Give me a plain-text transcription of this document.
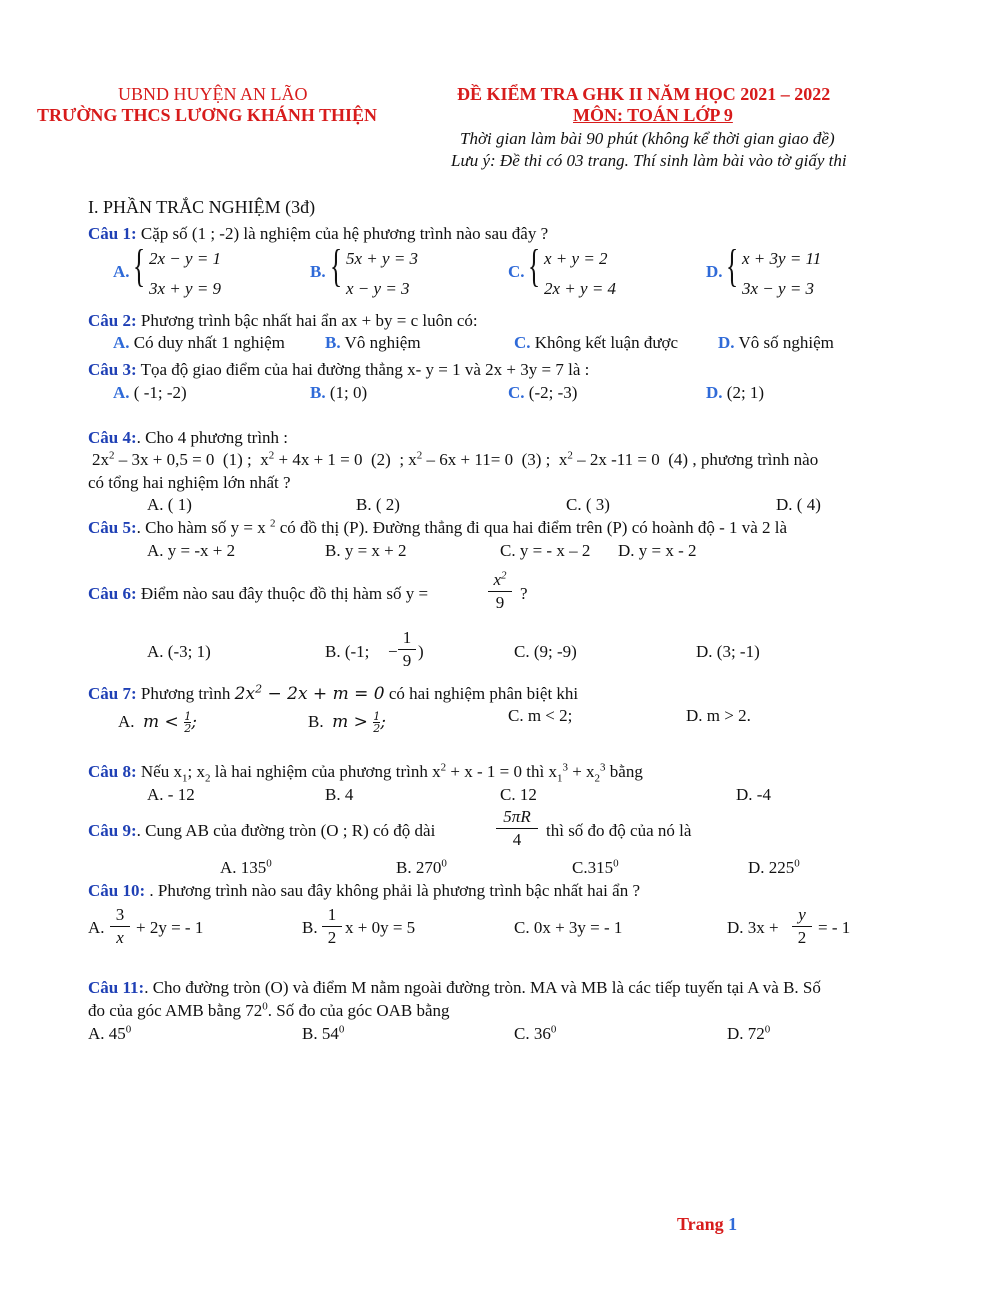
UBND HUYỆN AN LÃO
TRƯỜNG THCS LƯƠNG KHÁNH THIỆN
ĐỀ KIỂM TRA GHK II NĂM HỌC 2021 – 2022
MÔN: TOÁN LỚP 9
Thời gian làm bài 90 phút (không kể thời gian giao đề)
Lưu ý: Đề thi có 03 trang. Thí sinh làm bài vào tờ giấy thi
I. PHẦN TRẮC NGHIỆM (3đ)
Câu 1: Cặp số (1 ; -2) là nghiệm của hệ phương trình nào sau đây ?
A. { 2x − y = 1
3x + y = 9
B. { 5x + y = 3
x − y = 3
C. { x + y = 2
2x + y = 4
D. { x + 3y = 11
3x − y = 3
Câu 2: Phương trình bậc nhất hai ẩn ax + by = c luôn có:
A. Có duy nhất 1 nghiệm B. Vô nghiệm	C. Không kết luận được D. Vô số nghiệm
Câu 3: Tọa độ giao điểm của hai đường thẳng x- y = 1 và 2x + 3y = 7 là :
A. ( -1; -2)	B. (1; 0)	C. (-2; -3)	D. (2; 1)
Câu 4:. Cho 4 phương trình :
$2x^2 - 3x + 0,5 = 0$  (1) ;  $x^2 + 4x + 1 = 0$  (2)  ; $x^2 - 6x + 11= 0$  (3) ;  $x^2 - 2x$ -11 = 0  (4) , phương trình nào
có tổng hai nghiệm lớn nhất ?
A. ( 1)	B. ( 2)	C. ( 3)	D. ( 4)
Câu 5:. Cho hàm số y = x $^2$ có đồ thị (P). Đường thẳng đi qua hai điểm trên (P) có hoành độ - 1 và 2 là
A. y = -x + 2	B. y = x + 2	C. y = - x – 2 D. y = x - 2
Câu 6: Điểm nào sau đây thuộc đồ thị hàm số y =	$\frac{x^2}{9}$ ?
A. (-3; 1)	B. (-1; − $\frac{1}{9}$ )	C. (9; -9)	D. (3; -1)
Câu 7: Phương trình $2x^2 - 2x + m = 0$ có hai nghiệm phân biệt khi
A. $m < \frac{1}{2}$ ;	B. $m > \frac{1}{2}$ ;	C. m < 2;	D. m > 2.
Câu 8: Nếu $x_1$; $x_2$ là hai nghiệm của phương trình $x^2 + x - 1 = 0$ thì $x_1^3 + x_2^3$ bằng
A. - 12	B. 4	C. 12	D. -4
Câu 9:. Cung AB của đường tròn (O ; R) có độ dài	$\frac{5\pi R}{4}$ thì số đo độ của nó là
A. $135^0$	B. $270^0$	C.315$^0$	D. $225^0$
Câu 10: . Phương trình nào sau đây không phải là phương trình bậc nhất hai ẩn ?
A. $\frac{3}{x} + 2y$ = - 1	B. $\frac{1}{2}$ x + 0y = 5	C. 0x + 3y = - 1	D. $3x + \frac{y}{2}$ = - 1
Câu 11:. Cho đường tròn (O) và điểm M nằm ngoài đường tròn. MA và MB là các tiếp tuyến tại A và B. Số
đo của góc AMB bằng $72^0$. Số đo của góc OAB bằng
A. $45^0$	B. $54^0$	C. $36^0$	D. $72^0$
Trang 1
